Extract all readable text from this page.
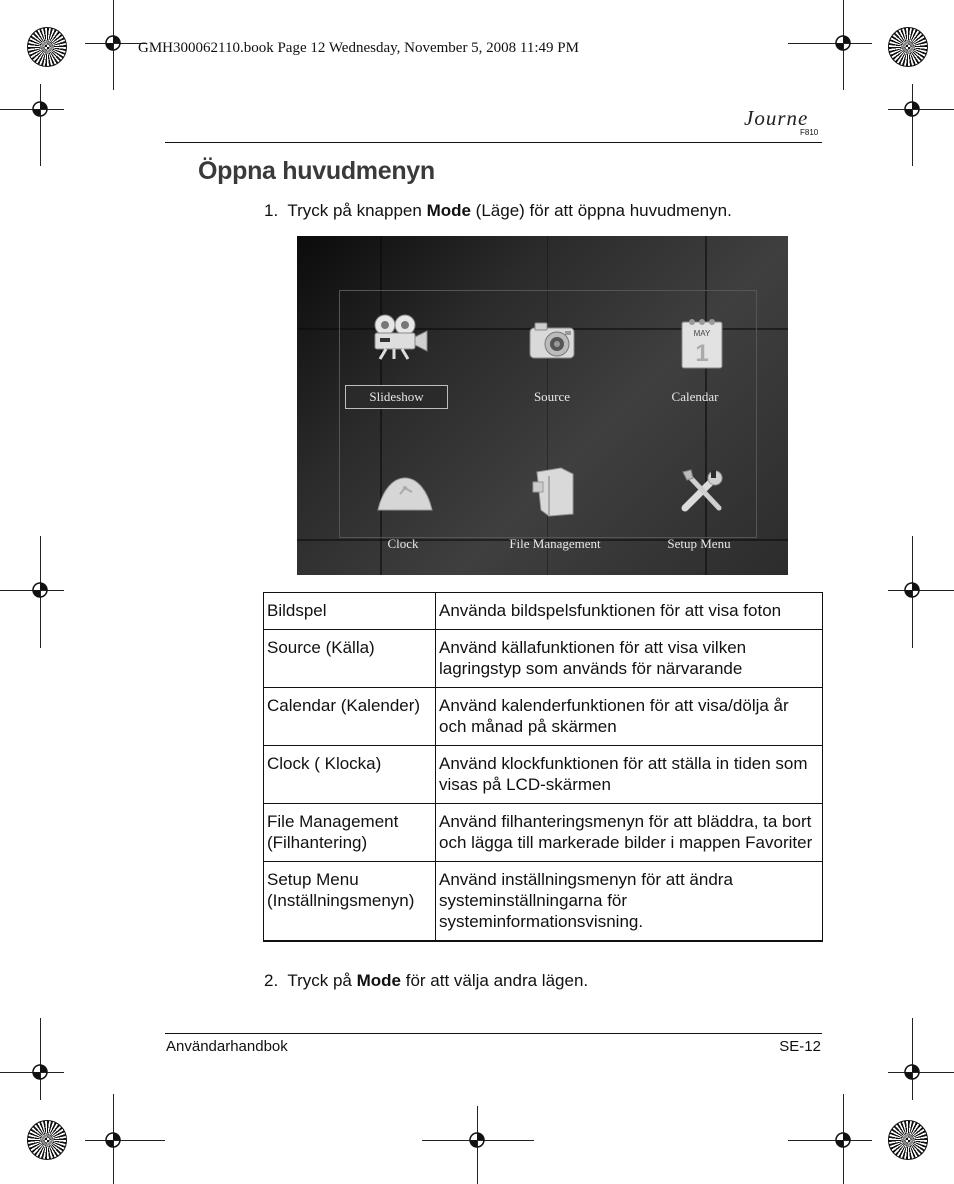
GMH300062110.book Page 12 Wednesday, November 5, 2008 11:49 PM
Journe
F810
Öppna huvudmenyn
1. Tryck på knappen Mode (Läge) för att öppna huvudmenyn.
Slideshow	Source
MAY
1
Calendar
Clock	File Management	Setup Menu
Bildspel	Använda bildspelsfunktionen för att visa foton
Source (Källa)	Använd källafunktionen för att visa vilken lagringstyp som används för närvarande
Calendar (Kalender)	Använd kalenderfunktionen för att visa/dölja år och månad på skärmen
Clock ( Klocka)	Använd klockfunktionen för att ställa in tiden som visas på LCD-skärmen
File Management (Filhantering)	Använd filhanteringsmenyn för att bläddra, ta bort och lägga till markerade bilder i mappen Favoriter
Setup Menu (Inställningsmenyn)	Använd inställningsmenyn för att ändra systeminställningarna för systeminformationsvisning.
2. Tryck på Mode för att välja andra lägen.
Användarhandbok	SE-12
